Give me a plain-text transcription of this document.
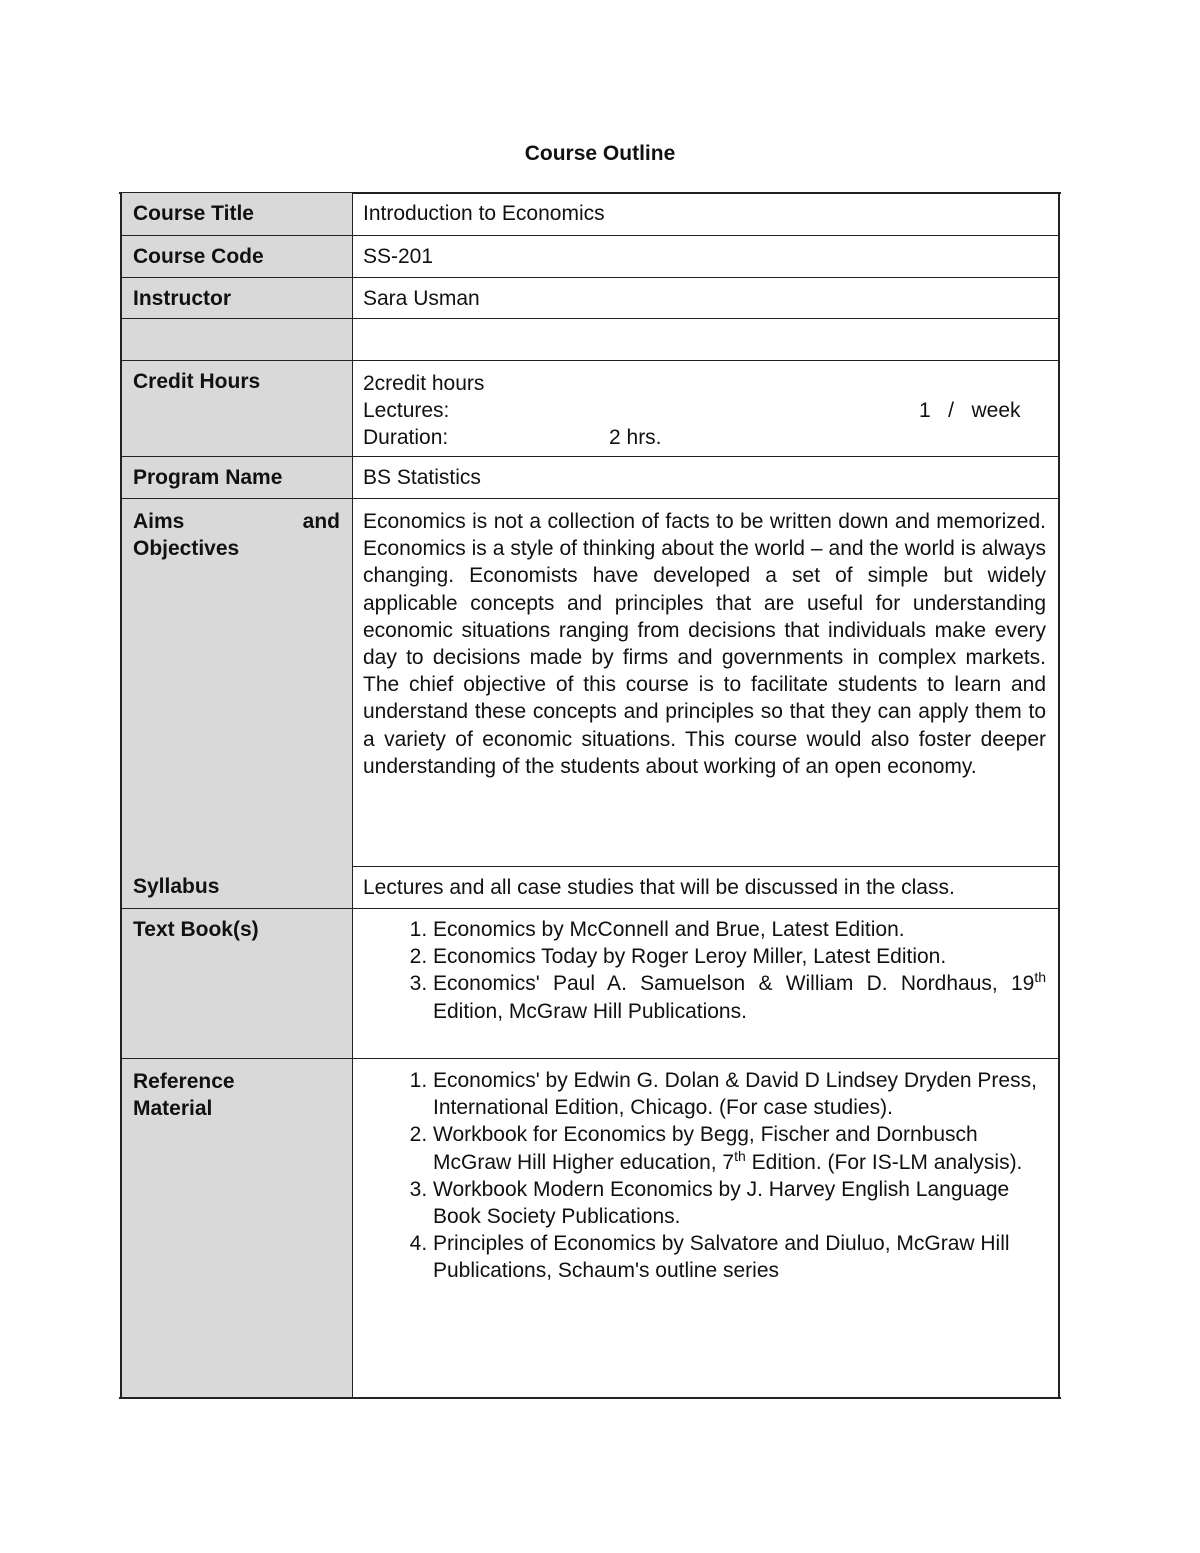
Course Outline
Course Title	Introduction to Economics
Course Code	SS-201
Instructor	Sara Usman
Credit Hours	2credit hours
Lectures:	1   /   week
Duration:	2 hrs.
Program Name	BS Statistics
Aims	and
Objectives
Syllabus
Economics is not a collection of facts to be written down and memorized. Economics is a style of thinking about the world – and the world is always changing. Economists have developed a set of simple but widely applicable concepts and principles that are useful for understanding economic situations ranging from decisions that individuals make every day to decisions made by firms and governments in complex markets. The chief objective of this course is to facilitate students to learn and understand these concepts and principles so that they can apply them to a variety of economic situations. This course would also foster deeper understanding of the students about working of an open economy.
Lectures and all case studies that will be discussed in the class.
Text Book(s)
1.	Economics by McConnell and Brue, Latest Edition.
2. Economics Today by Roger Leroy Miller, Latest Edition.
3. Economics' Paul A. Samuelson & William D. Nordhaus, 19th Edition, McGraw Hill Publications.
Reference
Material
1. Economics' by Edwin G. Dolan & David D Lindsey Dryden Press, International Edition, Chicago. (For case studies).
2. Workbook for Economics by Begg, Fischer and Dornbusch McGraw Hill Higher education, 7th Edition. (For IS-LM analysis).
3. Workbook Modern Economics by J. Harvey English Language Book Society Publications.
4. Principles of Economics by Salvatore and Diuluo, McGraw Hill Publications, Schaum's outline series
